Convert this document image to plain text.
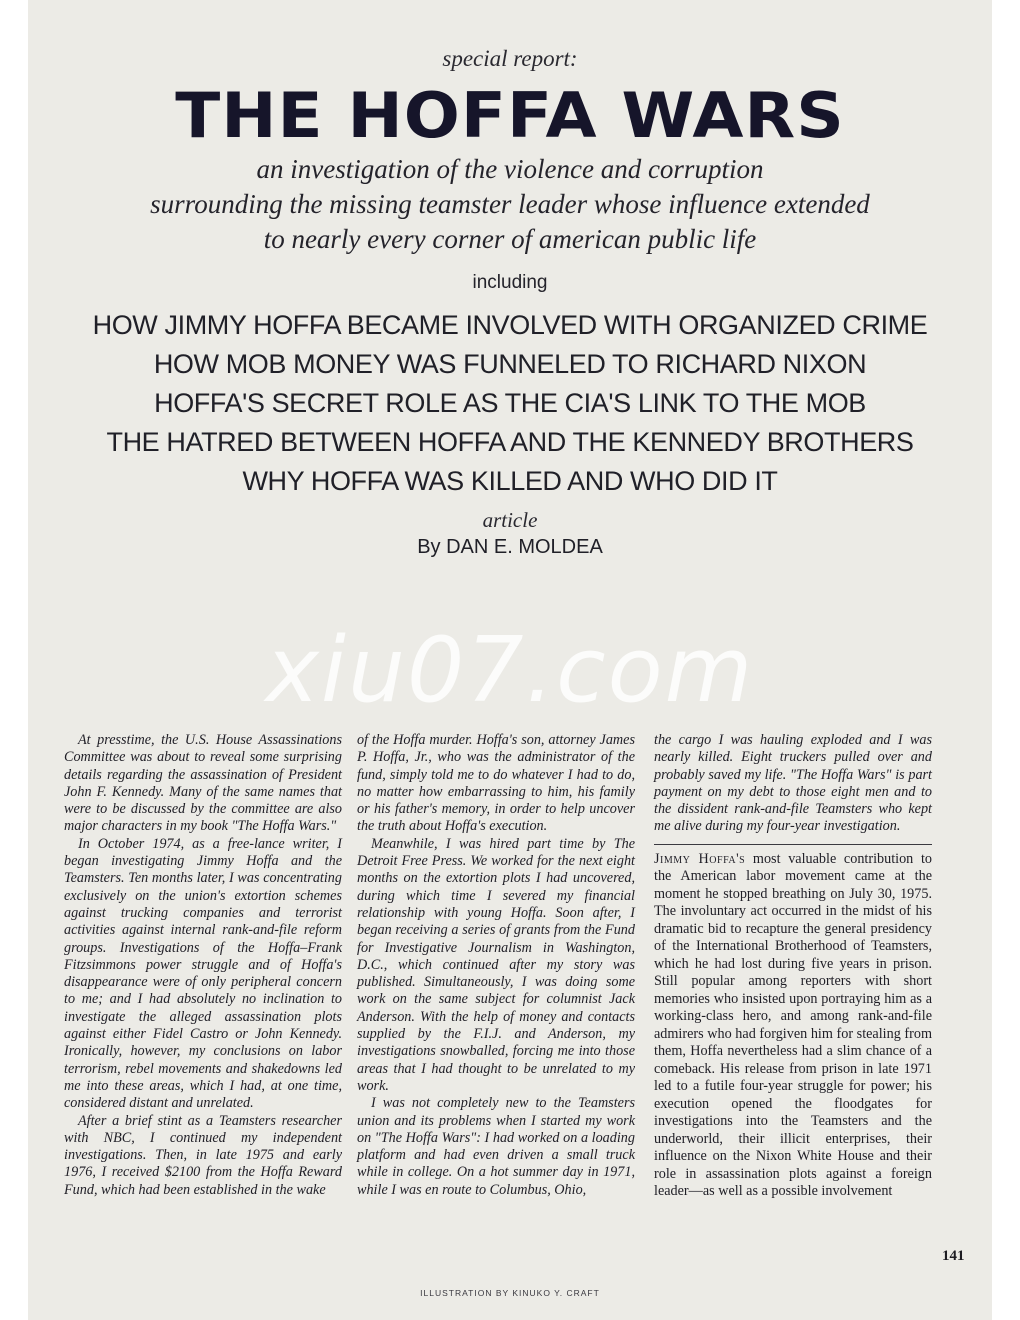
special report:
THE HOFFA WARS
an investigation of the violence and corruption
surrounding the missing teamster leader whose influence extended
to nearly every corner of american public life
including
HOW JIMMY HOFFA BECAME INVOLVED WITH ORGANIZED CRIME
HOW MOB MONEY WAS FUNNELED TO RICHARD NIXON
HOFFA'S SECRET ROLE AS THE CIA'S LINK TO THE MOB
THE HATRED BETWEEN HOFFA AND THE KENNEDY BROTHERS
WHY HOFFA WAS KILLED AND WHO DID IT
article
By DAN E. MOLDEA
xiu07.com

At presstime, the U.S. House Assassinations Committee was about to reveal some surprising details regarding the assassination of President John F. Kennedy. Many of the same names that were to be discussed by the committee are also major characters in my book "The Hoffa Wars."

In October 1974, as a free-lance writer, I began investigating Jimmy Hoffa and the Teamsters. Ten months later, I was concentrating exclusively on the union's extortion schemes against trucking companies and terrorist activities against internal rank-and-file reform groups. Investigations of the Hoffa–Frank Fitzsimmons power struggle and of Hoffa's disappearance were of only peripheral concern to me; and I had absolutely no inclination to investigate the alleged assassination plots against either Fidel Castro or John Kennedy. Ironically, however, my conclusions on labor terrorism, rebel movements and shakedowns led me into these areas, which I had, at one time, considered distant and unrelated.

After a brief stint as a Teamsters researcher with NBC, I continued my independent investigations. Then, in late 1975 and early 1976, I received $2100 from the Hoffa Reward Fund, which had been established in the wake

of the Hoffa murder. Hoffa's son, attorney James P. Hoffa, Jr., who was the administrator of the fund, simply told me to do whatever I had to do, no matter how embarrassing to him, his family or his father's memory, in order to help uncover the truth about Hoffa's execution.

Meanwhile, I was hired part time by The Detroit Free Press. We worked for the next eight months on the extortion plots I had uncovered, during which time I severed my financial relationship with young Hoffa. Soon after, I began receiving a series of grants from the Fund for Investigative Journalism in Washington, D.C., which continued after my story was published. Simultaneously, I was doing some work on the same subject for columnist Jack Anderson. With the help of money and contacts supplied by the F.I.J. and Anderson, my investigations snowballed, forcing me into those areas that I had thought to be unrelated to my work.

I was not completely new to the Teamsters union and its problems when I started my work on "The Hoffa Wars": I had worked on a loading platform and had even driven a small truck while in college. On a hot summer day in 1971, while I was en route to Columbus, Ohio,

the cargo I was hauling exploded and I was nearly killed. Eight truckers pulled over and probably saved my life. "The Hoffa Wars" is part payment on my debt to those eight men and to the dissident rank-and-file Teamsters who kept me alive during my four-year investigation.

Jimmy Hoffa's most valuable contribution to the American labor movement came at the moment he stopped breathing on July 30, 1975. The involuntary act occurred in the midst of his dramatic bid to recapture the general presidency of the International Brotherhood of Teamsters, which he had lost during five years in prison. Still popular among reporters with short memories who insisted upon portraying him as a working-class hero, and among rank-and-file admirers who had forgiven him for stealing from them, Hoffa nevertheless had a slim chance of a comeback. His release from prison in late 1971 led to a futile four-year struggle for power; his execution opened the floodgates for investigations into the Teamsters and the underworld, their illicit enterprises, their influence on the Nixon White House and their role in assassination plots against a foreign leader—as well as a possible involvement

141
ILLUSTRATION BY KINUKO Y. CRAFT
